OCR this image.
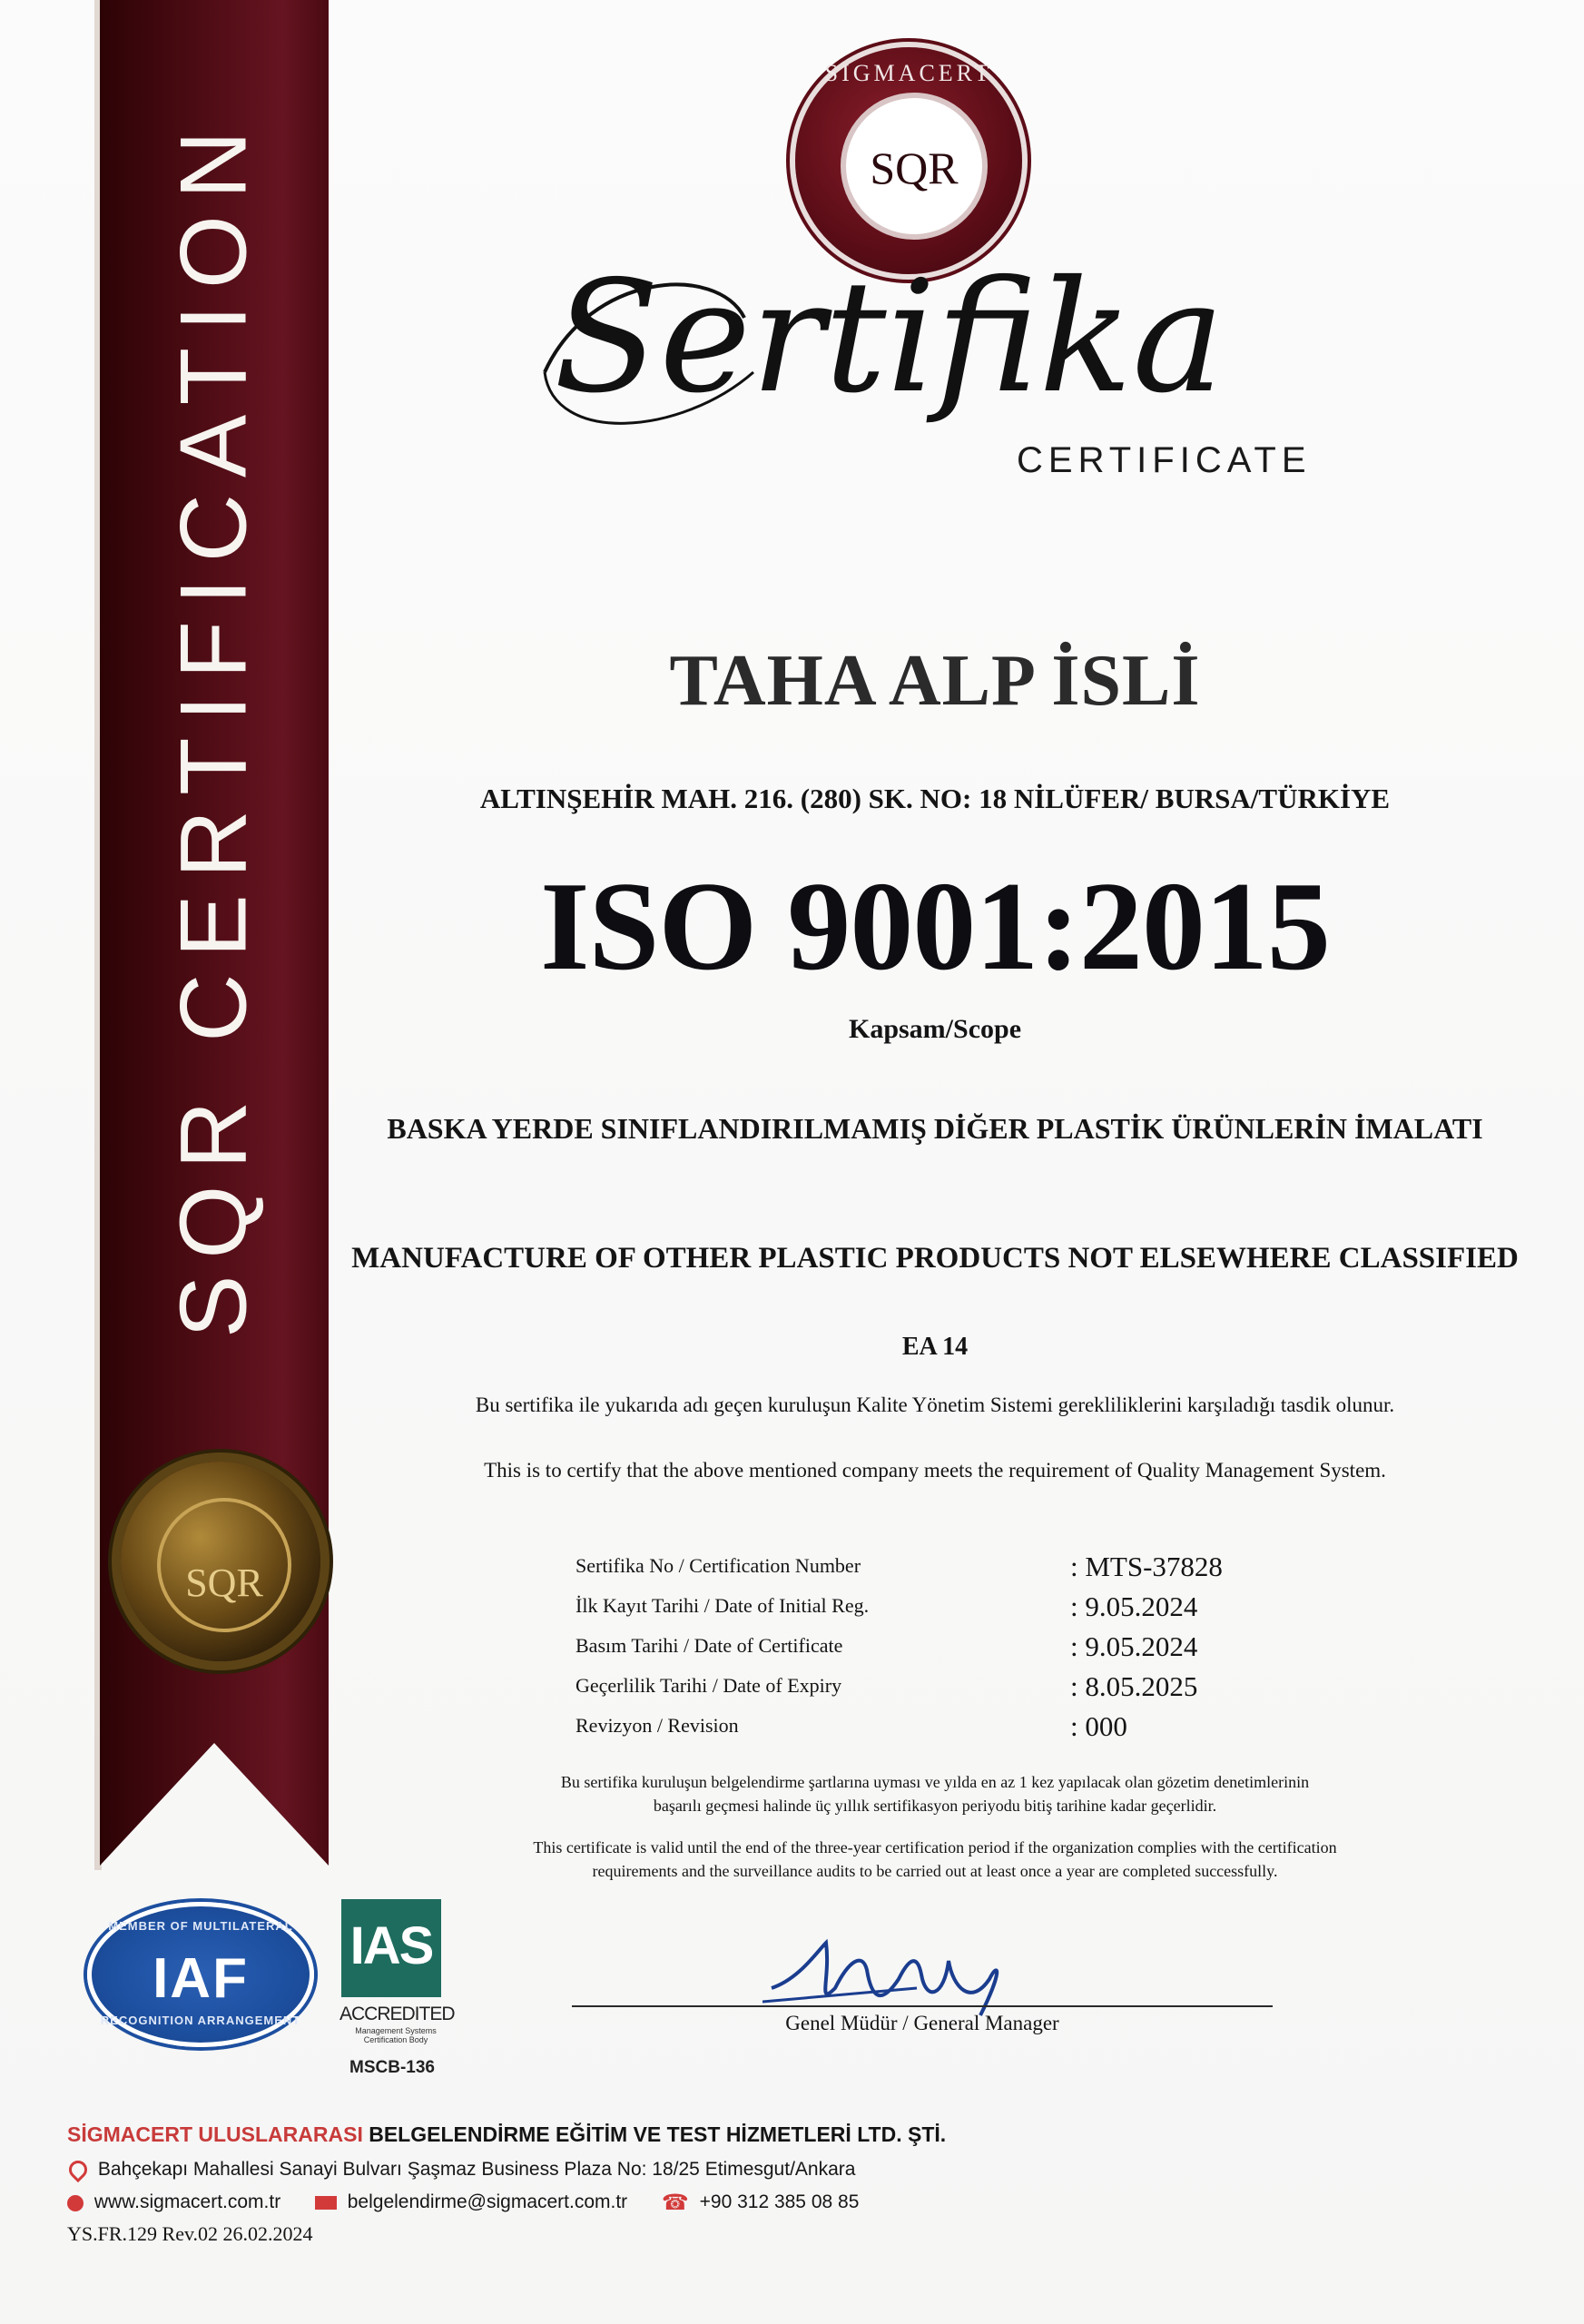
SQR CERTIFICATION
SQR
SIGMACERT
SQR
Sertifika
CERTIFICATE
TAHA ALP İSLİ
ALTINŞEHİR MAH. 216. (280) SK. NO: 18 NİLÜFER/ BURSA/TÜRKİYE
ISO 9001:2015
Kapsam/Scope
BASKA YERDE SINIFLANDIRILMAMIŞ DİĞER PLASTİK ÜRÜNLERİN İMALATI
MANUFACTURE OF OTHER PLASTIC PRODUCTS NOT ELSEWHERE CLASSIFIED
EA 14
Bu sertifika ile yukarıda adı geçen kuruluşun Kalite Yönetim Sistemi gerekliliklerini karşıladığı tasdik olunur.
This is to certify that the above mentioned company meets the requirement of Quality Management System.
Sertifika No / Certification Number	: MTS-37828
İlk Kayıt Tarihi / Date of Initial Reg.	: 9.05.2024
Basım Tarihi / Date of Certificate	: 9.05.2024
Geçerlilik Tarihi / Date of Expiry	: 8.05.2025
Revizyon / Revision	: 000
Bu sertifika kuruluşun belgelendirme şartlarına uyması ve yılda en az 1 kez yapılacak olan gözetim denetimlerinin
başarılı geçmesi halinde üç yıllık sertifikasyon periyodu bitiş tarihine kadar geçerlidir.
This certificate is valid until the end of the three-year certification period if the organization complies with the certification
requirements and the surveillance audits to be carried out at least once a year are completed successfully.
Genel Müdür / General Manager
MEMBER OF MULTILATERAL
IAF
RECOGNITION ARRANGEMENT
IAS
ACCREDITED
Management Systems Certification Body
MSCB-136
SİGMACERT ULUSLARARASI BELGELENDİRME EĞİTİM VE TEST HİZMETLERİ LTD. ŞTİ.
Bahçekapı Mahallesi Sanayi Bulvarı Şaşmaz Business Plaza No: 18/25 Etimesgut/Ankara
www.sigmacert.com.tr	belgelendirme@sigmacert.com.tr ☎ +90 312 385 08 85
YS.FR.129 Rev.02 26.02.2024
